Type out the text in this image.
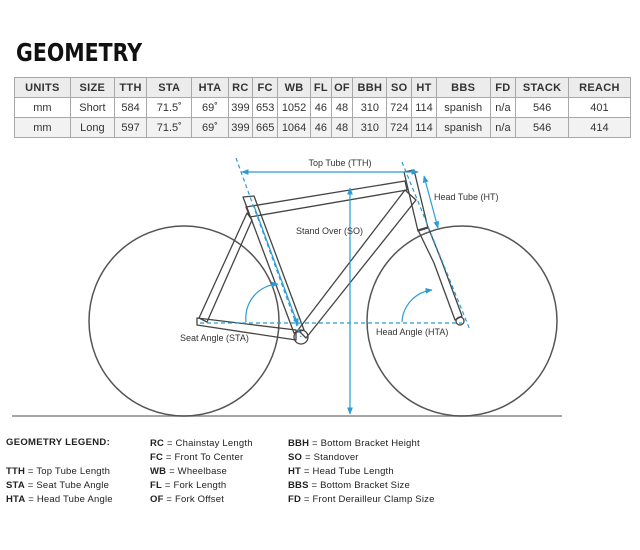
GEOMETRY
UNITS	SIZE	TTH	STA	HTA	RC	FC	WB	FL	OF	BBH	SO	HT	BBS	FD	STACK	REACH
mm	Short	584	71.5˚	69˚	399	653	1052	46	48	310	724	114	spanish	n/a	546	401
mm	Long	597	71.5˚	69˚	399	665	1064	46	48	310	724	114	spanish	n/a	546	414
Top Tube (TTH)
Head Tube (HT)
Stand Over (SO)
Seat Angle (STA)
Head Angle (HTA)
GEOMETRY LEGEND:
TTH = Top Tube Length
STA = Seat Tube Angle
HTA = Head Tube Angle
RC = Chainstay Length
FC = Front To Center
WB = Wheelbase
FL = Fork Length
OF = Fork Offset
BBH = Bottom Bracket Height
SO = Standover
HT = Head Tube Length
BBS = Bottom Bracket Size
FD = Front Derailleur Clamp Size
